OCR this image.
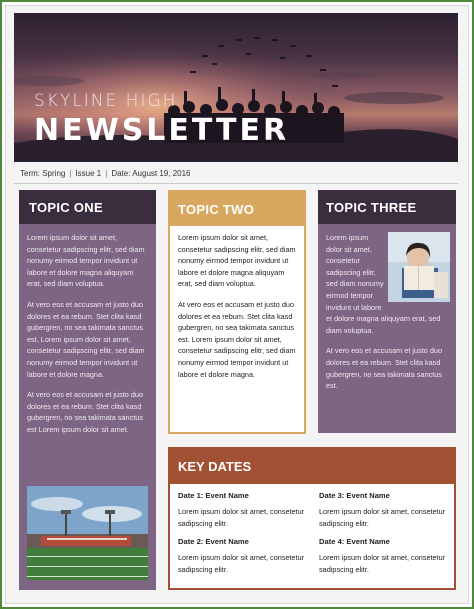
SKYLINE HIGH
NEWSLETTER
Term: Spring | Issue 1 | Date: August 19, 2016
TOPIC ONE

Lorem ipsum dolor sit amet, consetetur sadipscing elitr, sed diam nonumy eirmod tempor invidunt ut labore et dolore magna aliquyam erat, sed diam voluptua.

At vero eos et accusam et justo duo dolores et ea rebum. Stet clita kasd gubergren, no sea takimata sanctus est. Lorem ipsum dolor sit amet, consetetur sadipscing elitr, sed diam nonumy eirmod tempor invidunt ut labore et dolore magna.

At vero eos et accusam et justo duo dolores et ea rebum. Stet clita kasd gubergren, no sea takimata sanctus est Lorem ipsum dolor sit amet.

TOPIC TWO

Lorem ipsum dolor sit amet, consetetur sadipscing elitr, sed diam nonumy eirmod tempor invidunt ut labore et dolore magna aliquyam erat, sed diam voluptua.

At vero eos et accusam et justo duo dolores et ea rebum. Stet clita kasd gubergren, no sea takimata sanctus est. Lorem ipsum dolor sit amet, consetetur sadipscing elitr, sed diam nonumy eirmod tempor invidunt ut labore et dolore magna.

TOPIC THREE

Lorem ipsum dolor sit amet, consetetur sadipscing elitr, sed diam nonumy eirmod tempor invidunt ut labore et dolore magna aliquyam erat, sed diam voluptua.

At vero eos et accusam et justo duo dolores et ea rebum. Stet clita kasd gubergren, no sea takimata sanctus est.

KEY DATES
Date 1: Event Name
Lorem ipsum dolor sit amet, consetetur sadipscing elitr.
Date 3: Event Name
Lorem ipsum dolor sit amet, consetetur sadipscing elitr.
Date 2: Event Name
Lorem ipsum dolor sit amet, consetetur sadipscing elitr.
Date 4: Event Name
Lorem ipsum dolor sit amet, consetetur sadipscing elitr.
